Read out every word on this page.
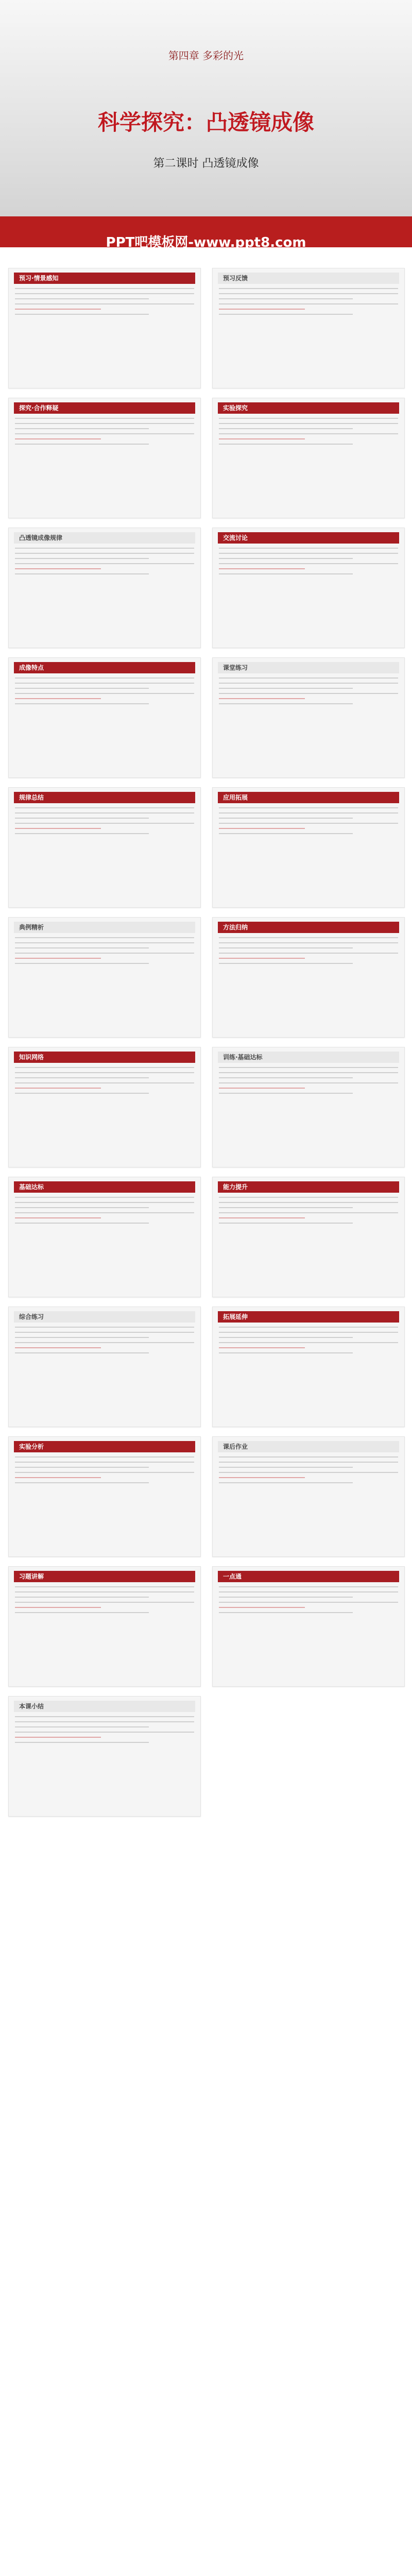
第四章 多彩的光
科学探究：凸透镜成像
第二课时 凸透镜成像
PPT吧模板网-www.ppt8.com
预习·情景感知	预习反馈
探究·合作释疑	实验探究
凸透镜成像规律	交流讨论
成像特点	课堂练习
规律总结	应用拓展
典例精析	方法归纳
知识网络	训练·基础达标
基础达标	能力提升
综合练习	拓展延伸
实验分析	课后作业
习题讲解	一点通
本课小结
